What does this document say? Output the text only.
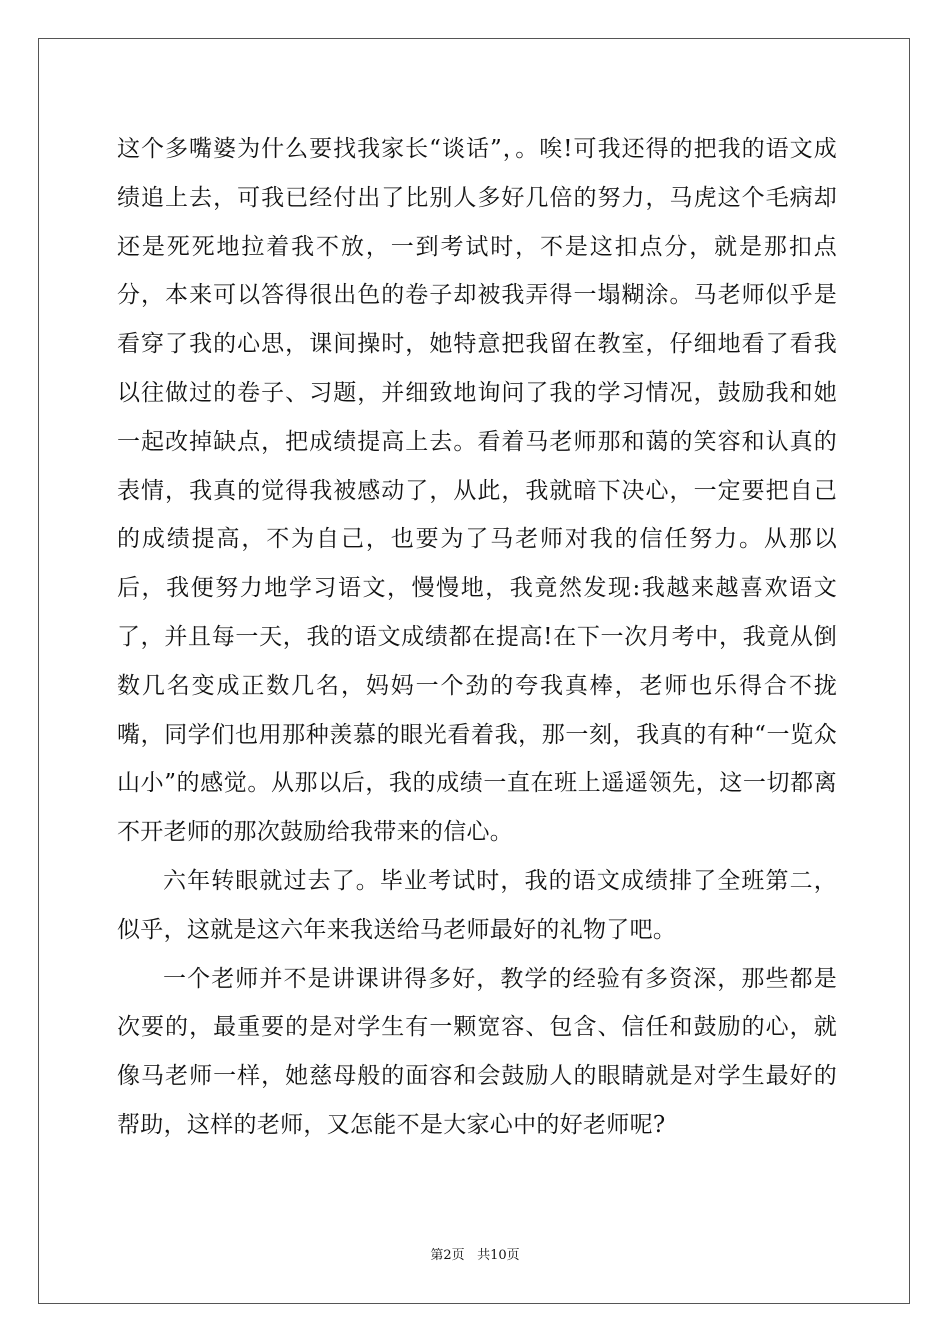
这个多嘴婆为什么要找我家长“谈话”，。唉!可我还得的把我的语文成绩追上去，可我已经付出了比别人多好几倍的努力，马虎这个毛病却还是死死地拉着我不放，一到考试时，不是这扣点分，就是那扣点分，本来可以答得很出色的卷子却被我弄得一塌糊涂。马老师似乎是看穿了我的心思，课间操时，她特意把我留在教室，仔细地看了看我以往做过的卷子、习题，并细致地询问了我的学习情况，鼓励我和她一起改掉缺点，把成绩提高上去。看着马老师那和蔼的笑容和认真的表情，我真的觉得我被感动了，从此，我就暗下决心，一定要把自己的成绩提高，不为自己，也要为了马老师对我的信任努力。从那以后，我便努力地学习语文，慢慢地，我竟然发现:我越来越喜欢语文了，并且每一天，我的语文成绩都在提高!在下一次月考中，我竟从倒数几名变成正数几名，妈妈一个劲的夸我真棒，老师也乐得合不拢嘴，同学们也用那种羡慕的眼光看着我，那一刻，我真的有种“一览众山小”的感觉。从那以后，我的成绩一直在班上遥遥领先，这一切都离不开老师的那次鼓励给我带来的信心。

六年转眼就过去了。毕业考试时，我的语文成绩排了全班第二，似乎，这就是这六年来我送给马老师最好的礼物了吧。

一个老师并不是讲课讲得多好，教学的经验有多资深，那些都是次要的，最重要的是对学生有一颗宽容、包含、信任和鼓励的心，就像马老师一样，她慈母般的面容和会鼓励人的眼睛就是对学生最好的帮助，这样的老师，又怎能不是大家心中的好老师呢?

第2页 共10页
